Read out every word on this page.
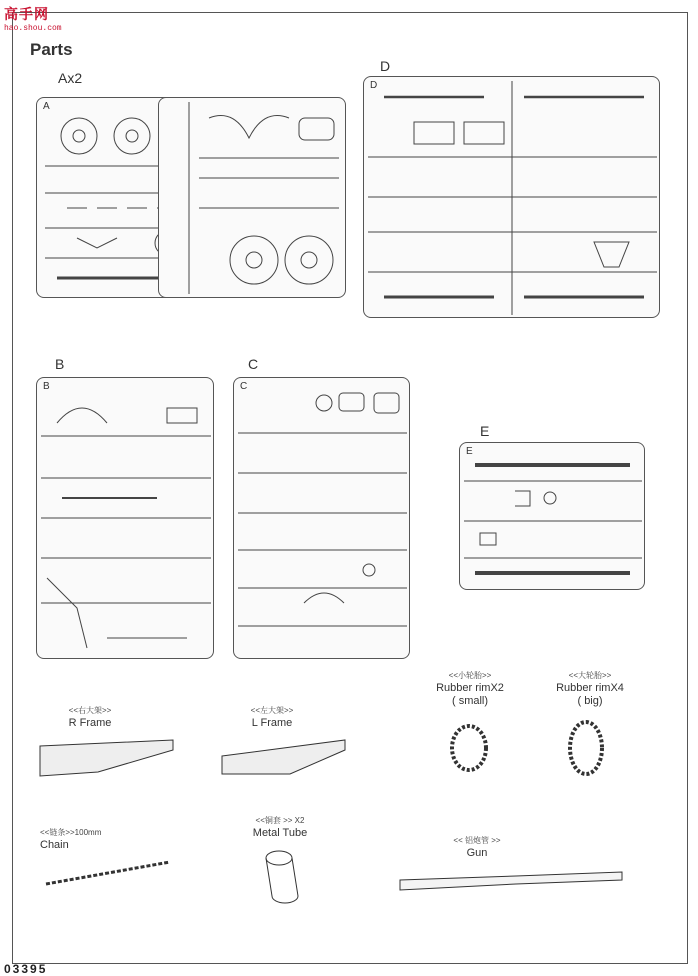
高手网
hao.shou.com
Parts
Ax2
A
D
D
B
B
C
C
E
E
<<右大架>>
R Frame
<<左大架>>
L Frame
<<小轮胎>>
Rubber rimX2
( small)
<<大轮胎>>
Rubber rimX4
( big)
<<链条>>100mm
Chain
<<铜套 >> X2
Metal Tube
<< 铝炮管 >>
Gun
03395
